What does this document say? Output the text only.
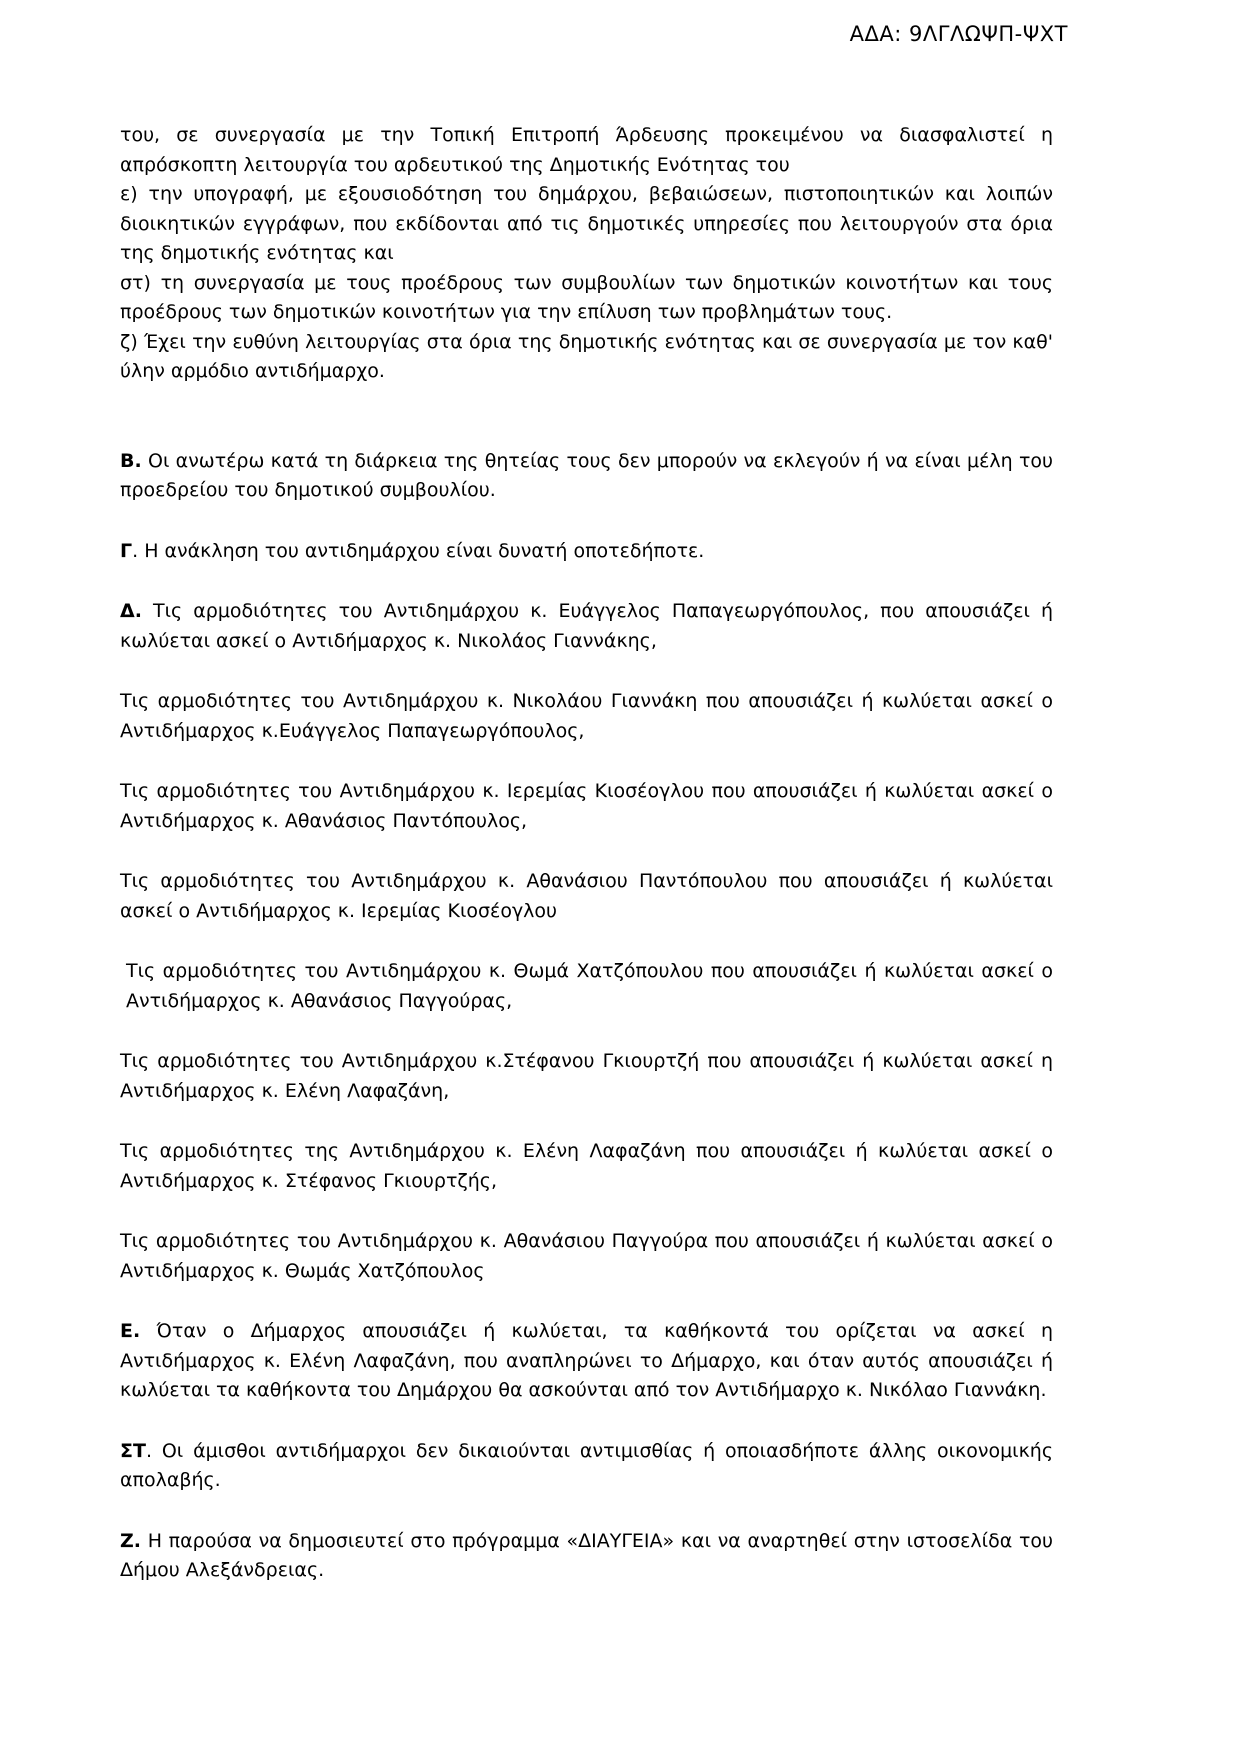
ΑΔΑ: 9ΛΓΛΩΨΠ-ΨΧΤ

του, σε συνεργασία με την Τοπική Επιτροπή Άρδευσης προκειμένου να διασφαλιστεί η απρόσκοπτη λειτουργία του αρδευτικού της Δημοτικής Ενότητας του

ε) την υπογραφή, με εξουσιοδότηση του δημάρχου, βεβαιώσεων, πιστοποιητικών και λοιπών διοικητικών εγγράφων, που εκδίδονται από τις δημοτικές υπηρεσίες που λειτουργούν στα όρια της δημοτικής ενότητας και

στ) τη συνεργασία με τους προέδρους των συμβουλίων των δημοτικών κοινοτήτων και τους προέδρους των δημοτικών κοινοτήτων για την επίλυση των προβλημάτων τους.

ζ) Έχει την ευθύνη λειτουργίας στα όρια της δημοτικής ενότητας και σε συνεργασία με τον καθ' ύλην αρμόδιο αντιδήμαρχο.

Β. Οι ανωτέρω κατά τη διάρκεια της θητείας τους δεν μπορούν να εκλεγούν ή να είναι μέλη του προεδρείου του δημοτικού συμβουλίου.

Γ. Η ανάκληση του αντιδημάρχου είναι δυνατή οποτεδήποτε.

Δ. Τις αρμοδιότητες του Αντιδημάρχου κ. Ευάγγελος Παπαγεωργόπουλος, που απουσιάζει ή κωλύεται ασκεί ο Αντιδήμαρχος κ. Νικολάος Γιαννάκης,

Τις αρμοδιότητες του Αντιδημάρχου κ. Νικολάου Γιαννάκη που απουσιάζει ή κωλύεται ασκεί ο Αντιδήμαρχος κ.Ευάγγελος Παπαγεωργόπουλος,

Τις αρμοδιότητες του Αντιδημάρχου κ. Ιερεμίας Κιοσέογλου που απουσιάζει ή κωλύεται ασκεί ο Αντιδήμαρχος κ. Αθανάσιος Παντόπουλος,

Τις αρμοδιότητες του Αντιδημάρχου κ. Αθανάσιου Παντόπουλου που απουσιάζει ή κωλύεται ασκεί ο Αντιδήμαρχος κ. Ιερεμίας Κιοσέογλου

Τις αρμοδιότητες του Αντιδημάρχου κ. Θωμά Χατζόπουλου που απουσιάζει ή κωλύεται ασκεί ο Αντιδήμαρχος κ. Αθανάσιος Παγγούρας,

Τις αρμοδιότητες του Αντιδημάρχου κ.Στέφανου Γκιουρτζή που απουσιάζει ή κωλύεται ασκεί η Αντιδήμαρχος κ. Ελένη Λαφαζάνη,

Τις αρμοδιότητες της Αντιδημάρχου κ. Ελένη Λαφαζάνη που απουσιάζει ή κωλύεται ασκεί ο Αντιδήμαρχος κ. Στέφανος Γκιουρτζής,

Τις αρμοδιότητες του Αντιδημάρχου κ. Αθανάσιου Παγγούρα που απουσιάζει ή κωλύεται ασκεί ο Αντιδήμαρχος κ. Θωμάς Χατζόπουλος

Ε. Όταν ο Δήμαρχος απουσιάζει ή κωλύεται, τα καθήκοντά του ορίζεται να ασκεί η Αντιδήμαρχος κ. Ελένη Λαφαζάνη, που αναπληρώνει το Δήμαρχο, και όταν αυτός απουσιάζει ή κωλύεται τα καθήκοντα του Δημάρχου θα ασκούνται από τον Αντιδήμαρχο κ. Νικόλαο Γιαννάκη.

ΣΤ. Οι άμισθοι αντιδήμαρχοι δεν δικαιούνται αντιμισθίας ή οποιασδήποτε άλλης οικονομικής απολαβής.

Ζ. Η παρούσα να δημοσιευτεί στο πρόγραμμα «ΔΙΑΥΓΕΙΑ» και να αναρτηθεί στην ιστοσελίδα του Δήμου Αλεξάνδρειας.
